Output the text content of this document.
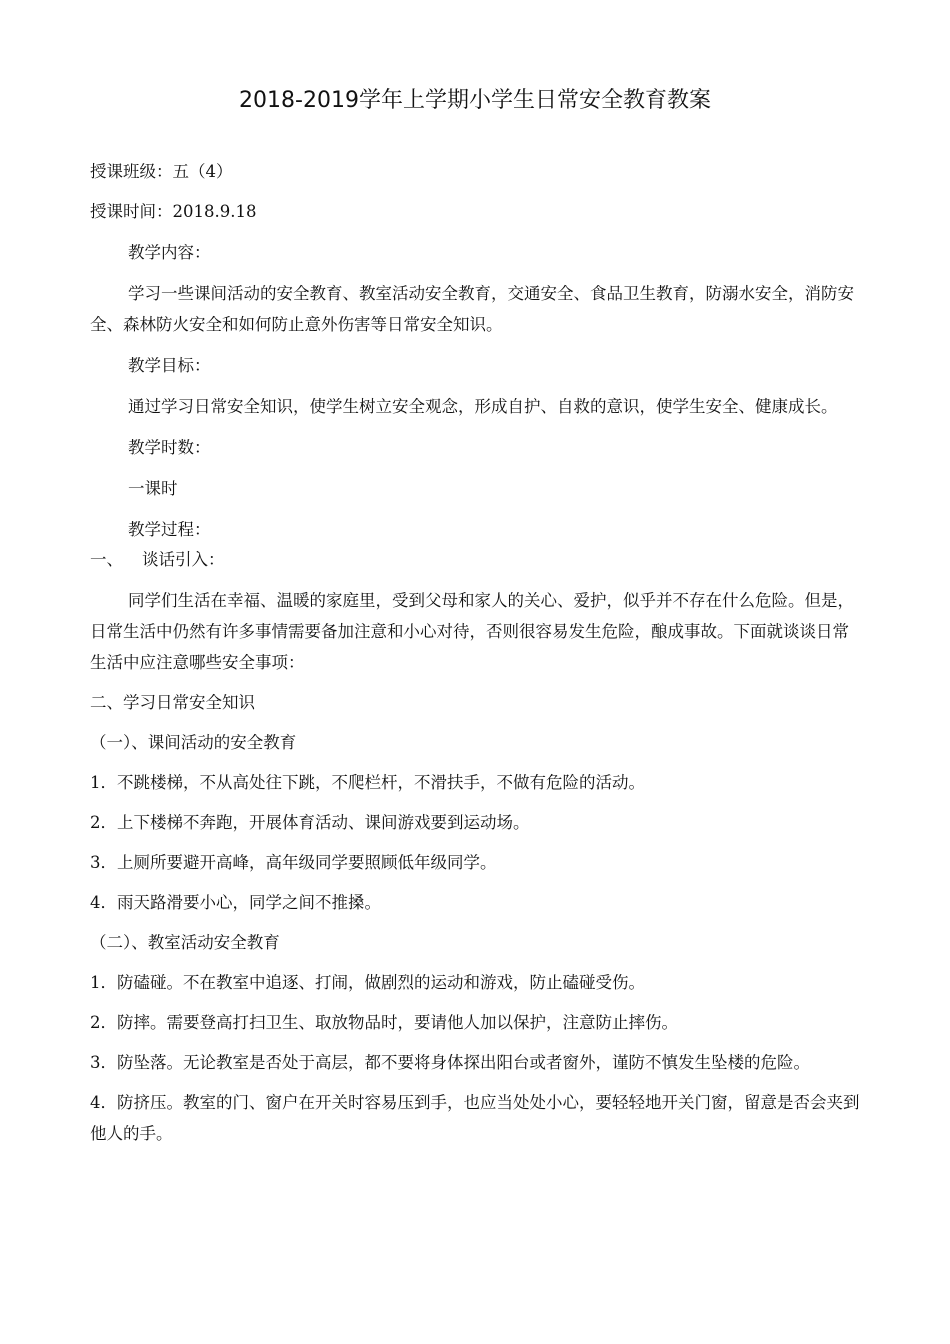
2018-2019学年上学期小学生日常安全教育教案

授课班级：五（4）

授课时间：2018.9.18

教学内容：

学习一些课间活动的安全教育、教室活动安全教育，交通安全、食品卫生教育，防溺水安全，消防安全、森林防火安全和如何防止意外伤害等日常安全知识。

教学目标：

通过学习日常安全知识，使学生树立安全观念，形成自护、自救的意识，使学生安全、健康成长。

教学时数：

一课时

教学过程：

一、 谈话引入：

同学们生活在幸福、温暖的家庭里，受到父母和家人的关心、爱护，似乎并不存在什么危险。但是，日常生活中仍然有许多事情需要备加注意和小心对待，否则很容易发生危险，酿成事故。下面就谈谈日常生活中应注意哪些安全事项：

二、学习日常安全知识

（一）、课间活动的安全教育

1．不跳楼梯，不从高处往下跳，不爬栏杆，不滑扶手，不做有危险的活动。

2．上下楼梯不奔跑，开展体育活动、课间游戏要到运动场。

3．上厕所要避开高峰，高年级同学要照顾低年级同学。

4．雨天路滑要小心，同学之间不推搡。

（二）、教室活动安全教育

1．防磕碰。不在教室中追逐、打闹，做剧烈的运动和游戏，防止磕碰受伤。

2．防摔。需要登高打扫卫生、取放物品时，要请他人加以保护，注意防止摔伤。

3．防坠落。无论教室是否处于高层，都不要将身体探出阳台或者窗外，谨防不慎发生坠楼的危险。

4．防挤压。教室的门、窗户在开关时容易压到手，也应当处处小心，要轻轻地开关门窗，留意是否会夹到他人的手。
